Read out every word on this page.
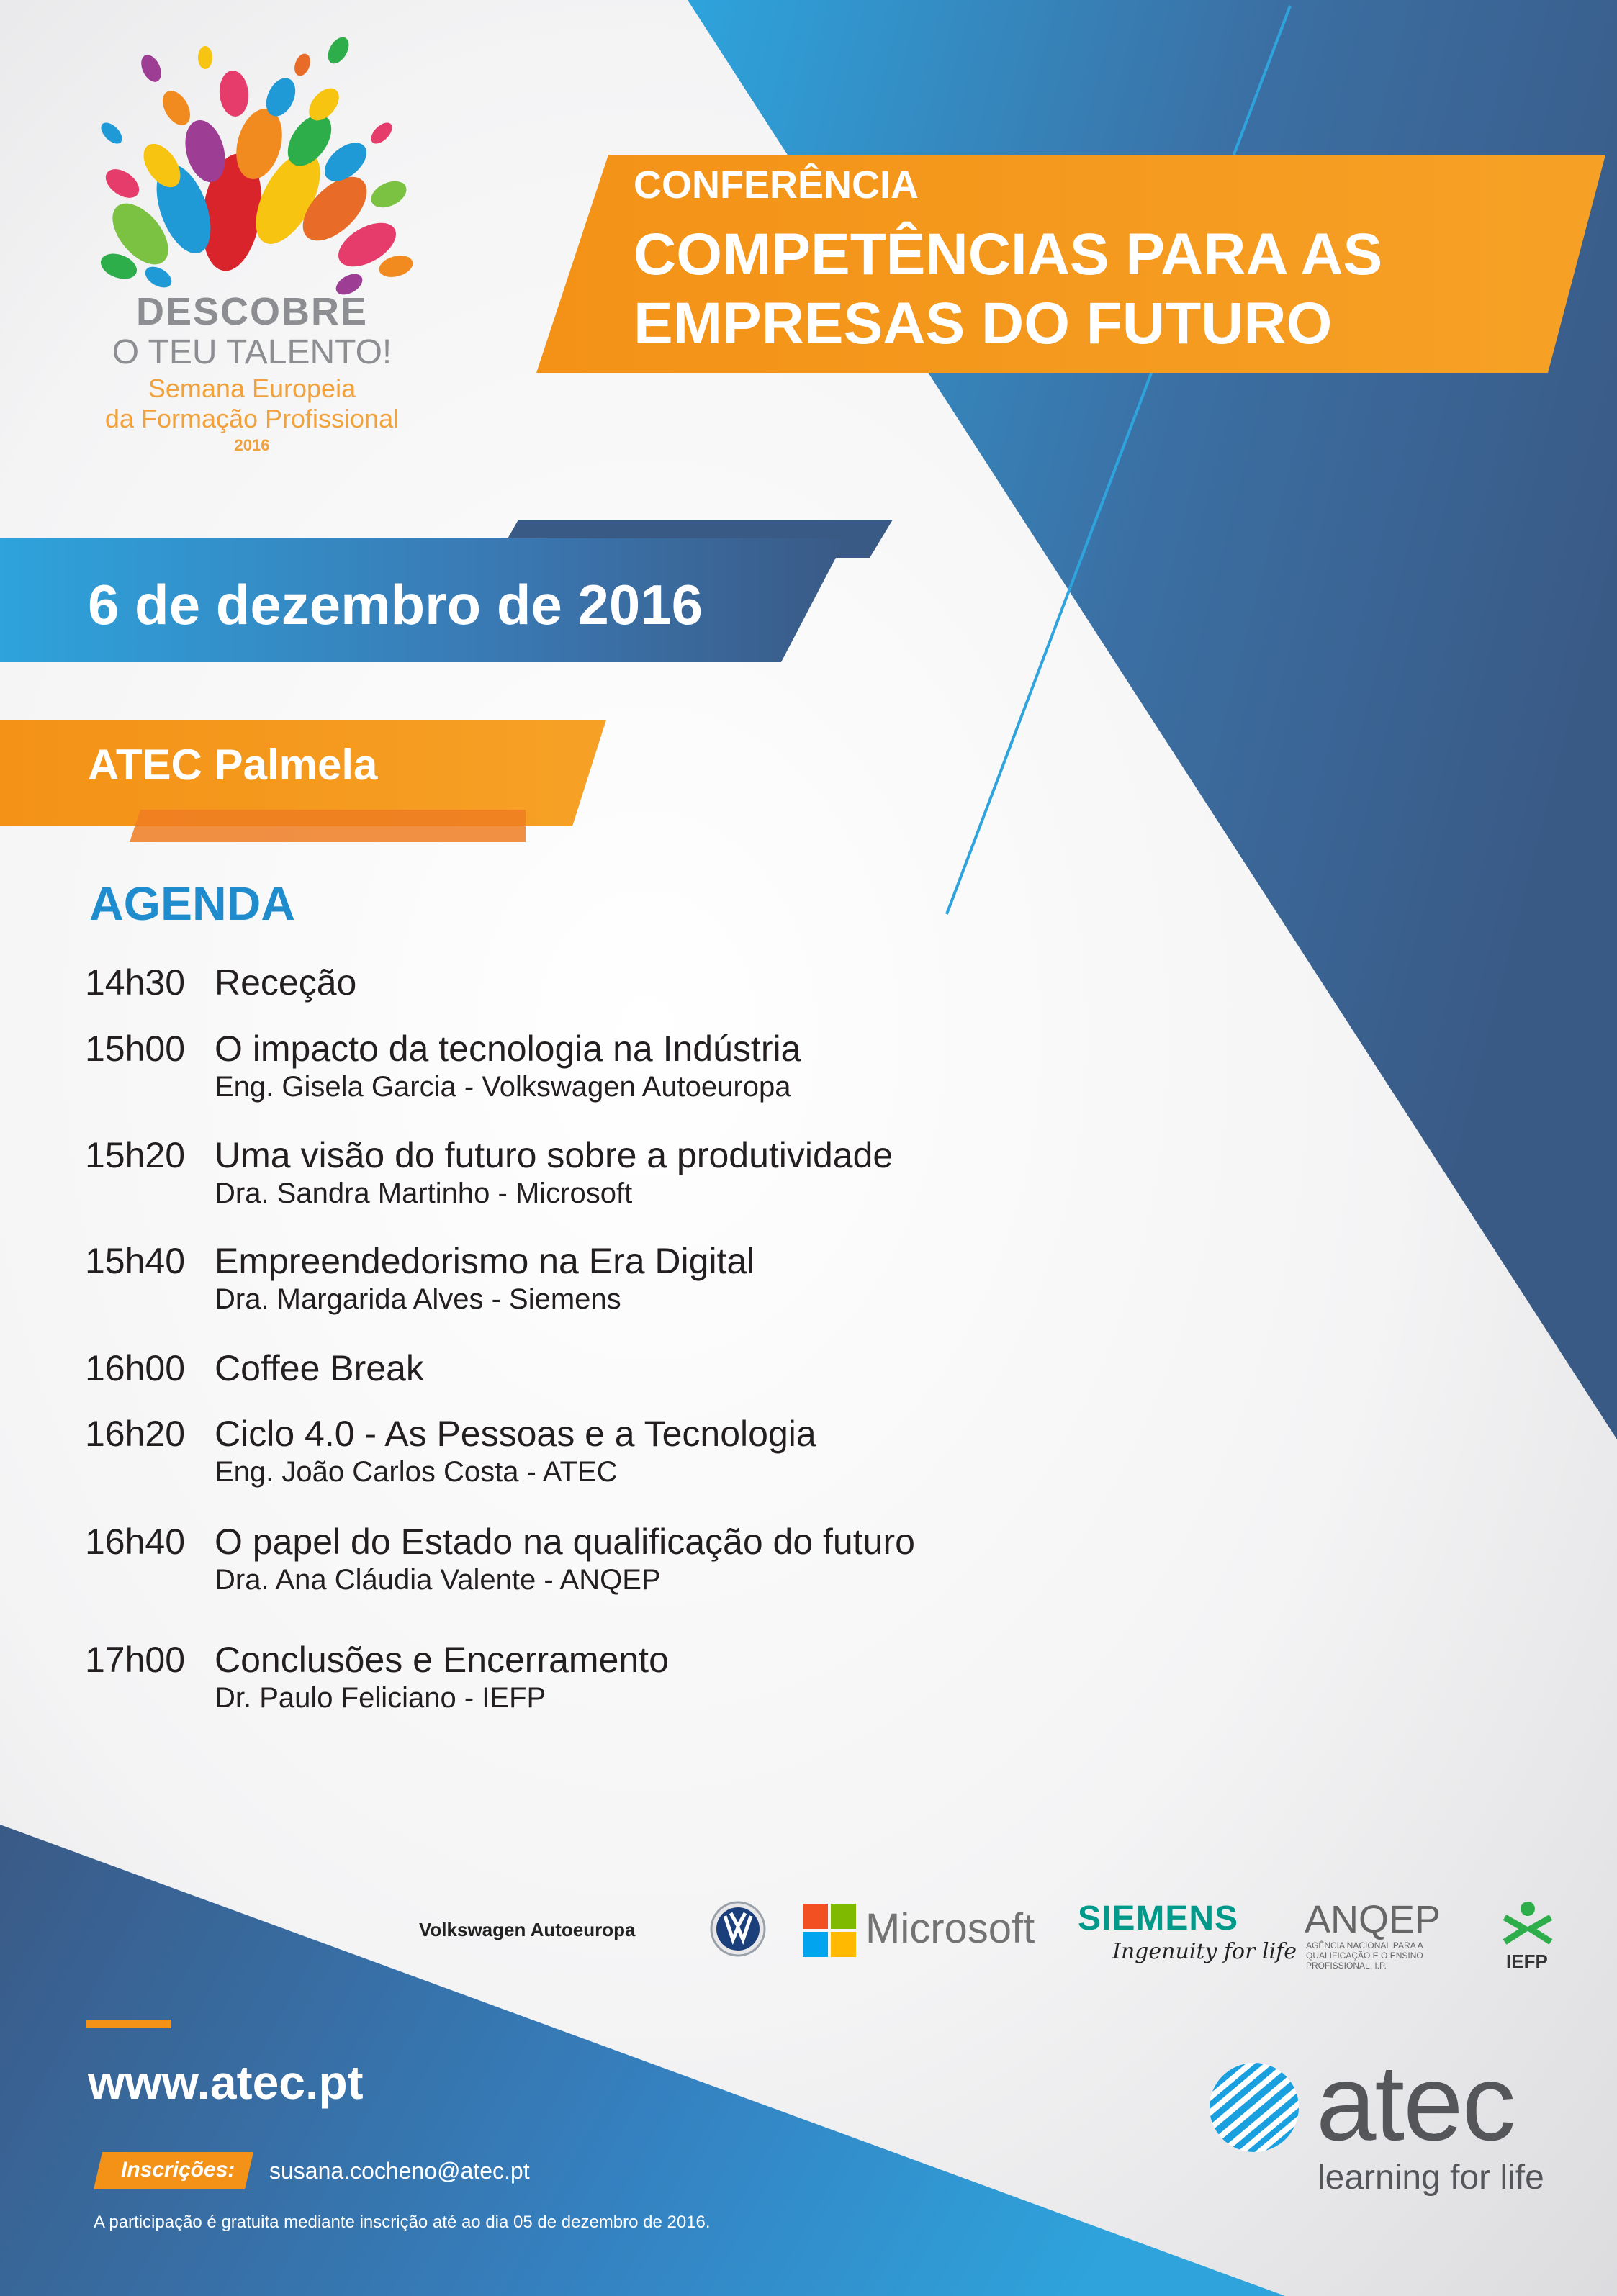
DESCOBRE
O TEU TALENTO!
Semana Europeia
da Formação Profissional
2016
CONFERÊNCIA
COMPETÊNCIAS PARA AS
EMPRESAS DO FUTURO
6 de dezembro de 2016
ATEC Palmela
AGENDA
14h30 Receção
15h00 O impacto da tecnologia na Indústria
Eng. Gisela Garcia - Volkswagen Autoeuropa
15h20 Uma visão do futuro sobre a produtividade
Dra. Sandra Martinho - Microsoft
15h40 Empreendedorismo na Era Digital
Dra. Margarida Alves - Siemens
16h00 Coffee Break
16h20 Ciclo 4.0 - As Pessoas e a Tecnologia
Eng. João Carlos Costa - ATEC
16h40 O papel do Estado na qualificação do futuro
Dra. Ana Cláudia Valente - ANQEP
17h00 Conclusões e Encerramento
Dr. Paulo Feliciano - IEFP
Volkswagen Autoeuropa	Microsoft SIEMENS
Ingenuity for life
ANQEP
AGÊNCIA NACIONAL PARA A QUALIFICAÇÃO E O ENSINO PROFISSIONAL, I.P.	IEFP
www.atec.pt
Inscrições: susana.cocheno@atec.pt
A participação é gratuita mediante inscrição até ao dia 05 de dezembro de 2016.
atec
learning for life
